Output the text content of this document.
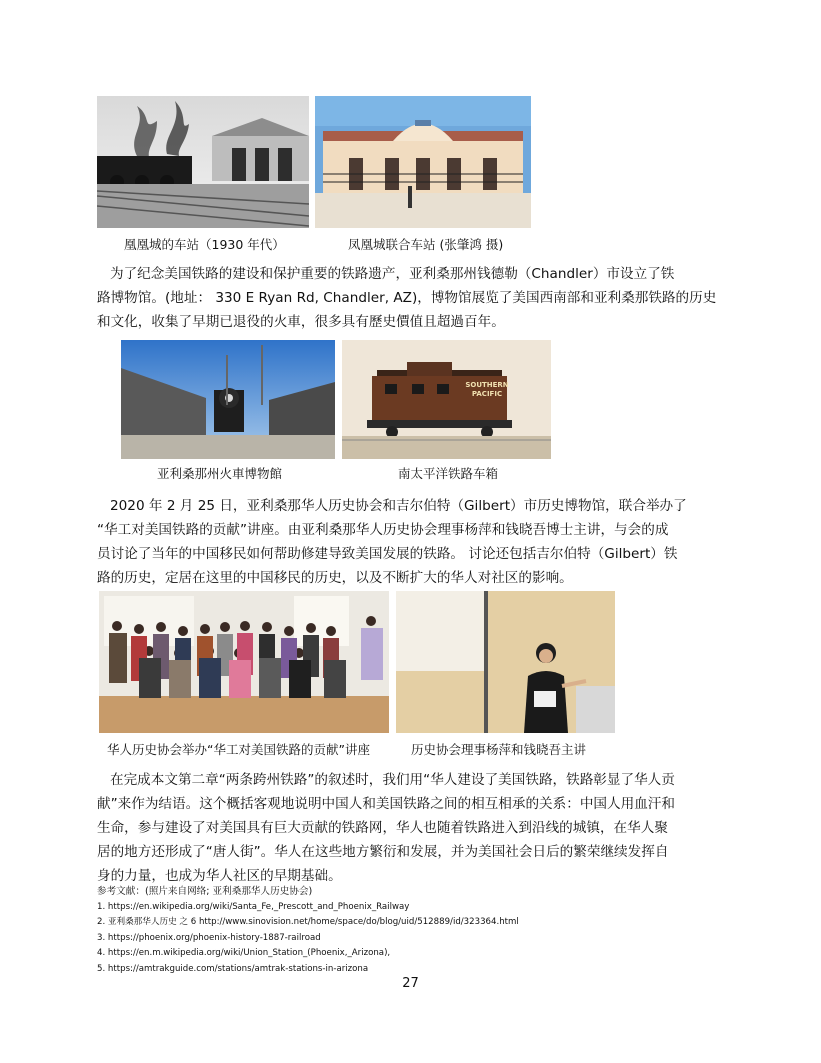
凰凰城的车站（1930 年代）	凤凰城联合车站 (张肇鸿 摄)

为了纪念美国铁路的建设和保护重要的铁路遗产，亚利桑那州钱德勒（Chandler）市设立了铁
路博物馆。(地址： 330 E Ryan Rd, Chandler, AZ)，博物馆展览了美国西南部和亚利桑那铁路的历史
和文化，收集了早期已退役的火車，很多具有歷史價值且超過百年。

SOUTHERN
PACIFIC
亚利桑那州火車博物館	南太平洋铁路车箱

2020 年 2 月 25 日，亚利桑那华人历史协会和吉尔伯特（Gilbert）市历史博物馆，联合举办了
“华工对美国铁路的贡献”讲座。由亚利桑那华人历史协会理事杨萍和钱晓吾博士主讲，与会的成
员讨论了当年的中国移民如何帮助修建导致美国发展的铁路。 讨论还包括吉尔伯特（Gilbert）铁
路的历史，定居在这里的中国移民的历史，以及不断扩大的华人对社区的影响。

华人历史协会举办“华工对美国铁路的贡献”讲座	历史协会理事杨萍和钱晓吾主讲

在完成本文第二章“两条跨州铁路”的叙述时，我们用“华人建设了美国铁路，铁路彰显了华人贡
献”来作为结语。这个概括客观地说明中国人和美国铁路之间的相互相承的关系：中国人用血汗和
生命，参与建设了对美国具有巨大贡献的铁路网，华人也随着铁路进入到沿线的城镇，在华人聚
居的地方还形成了“唐人街”。华人在这些地方繁衍和发展，并为美国社会日后的繁荣继续发挥自
身的力量，也成为华人社区的早期基础。

参考文献：(照片来自网络; 亚利桑那华人历史协会)
1. https://en.wikipedia.org/wiki/Santa_Fe,_Prescott_and_Phoenix_Railway
2. 亚利桑那华人历史 之 6 http://www.sinovision.net/home/space/do/blog/uid/512889/id/323364.html
3. https://phoenix.org/phoenix-history-1887-railroad
4. https://en.m.wikipedia.org/wiki/Union_Station_(Phoenix,_Arizona),
5. https://amtrakguide.com/stations/amtrak-stations-in-arizona
27
